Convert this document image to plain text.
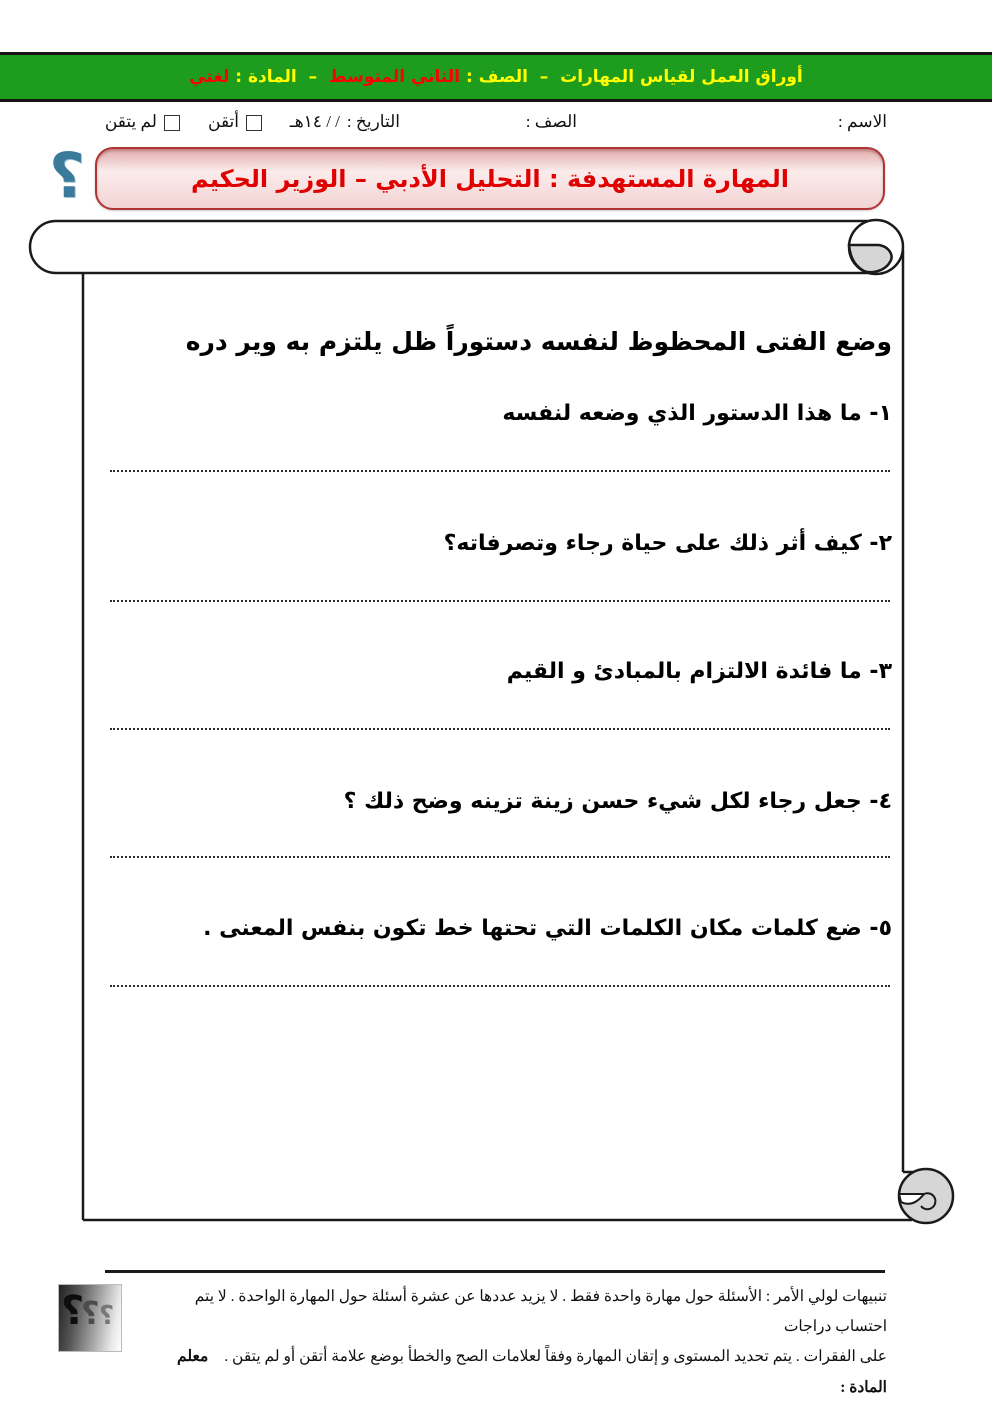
أوراق العمل لقياس المهارات  –  الصف :
الثاني المتوسط
–  المادة :
لغتي
الاسم :
الصف :
التاريخ :
/ / ١٤هـ
أتقن
لم يتقن
؟	المهارة المستهدفة : التحليل الأدبي – الوزير الحكيم
وضع الفتى المحظوظ لنفسه دستوراً ظل يلتزم به وير دره
١- ما هذا الدستور الذي وضعه لنفسه
٢- كيف أثر ذلك على حياة رجاء وتصرفاته؟
٣- ما فائدة الالتزام بالمبادئ و القيم
٤- جعل رجاء لكل شيء حسن زينة تزينه وضح ذلك ؟
٥- ضع كلمات مكان الكلمات التي تحتها خط تكون بنفس المعنى .
تنبيهات لولي الأمر : الأسئلة حول مهارة واحدة فقط . لا يزيد عددها عن عشرة أسئلة حول المهارة الواحدة . لا يتم احتساب دراجات
على الفقرات . يتم تحديد المستوى و إتقان المهارة وفقاً لعلامات الصح والخطأ بوضع علامة أتقن أو لم يتقن .معلم المادة :
؟
؟ ؟
